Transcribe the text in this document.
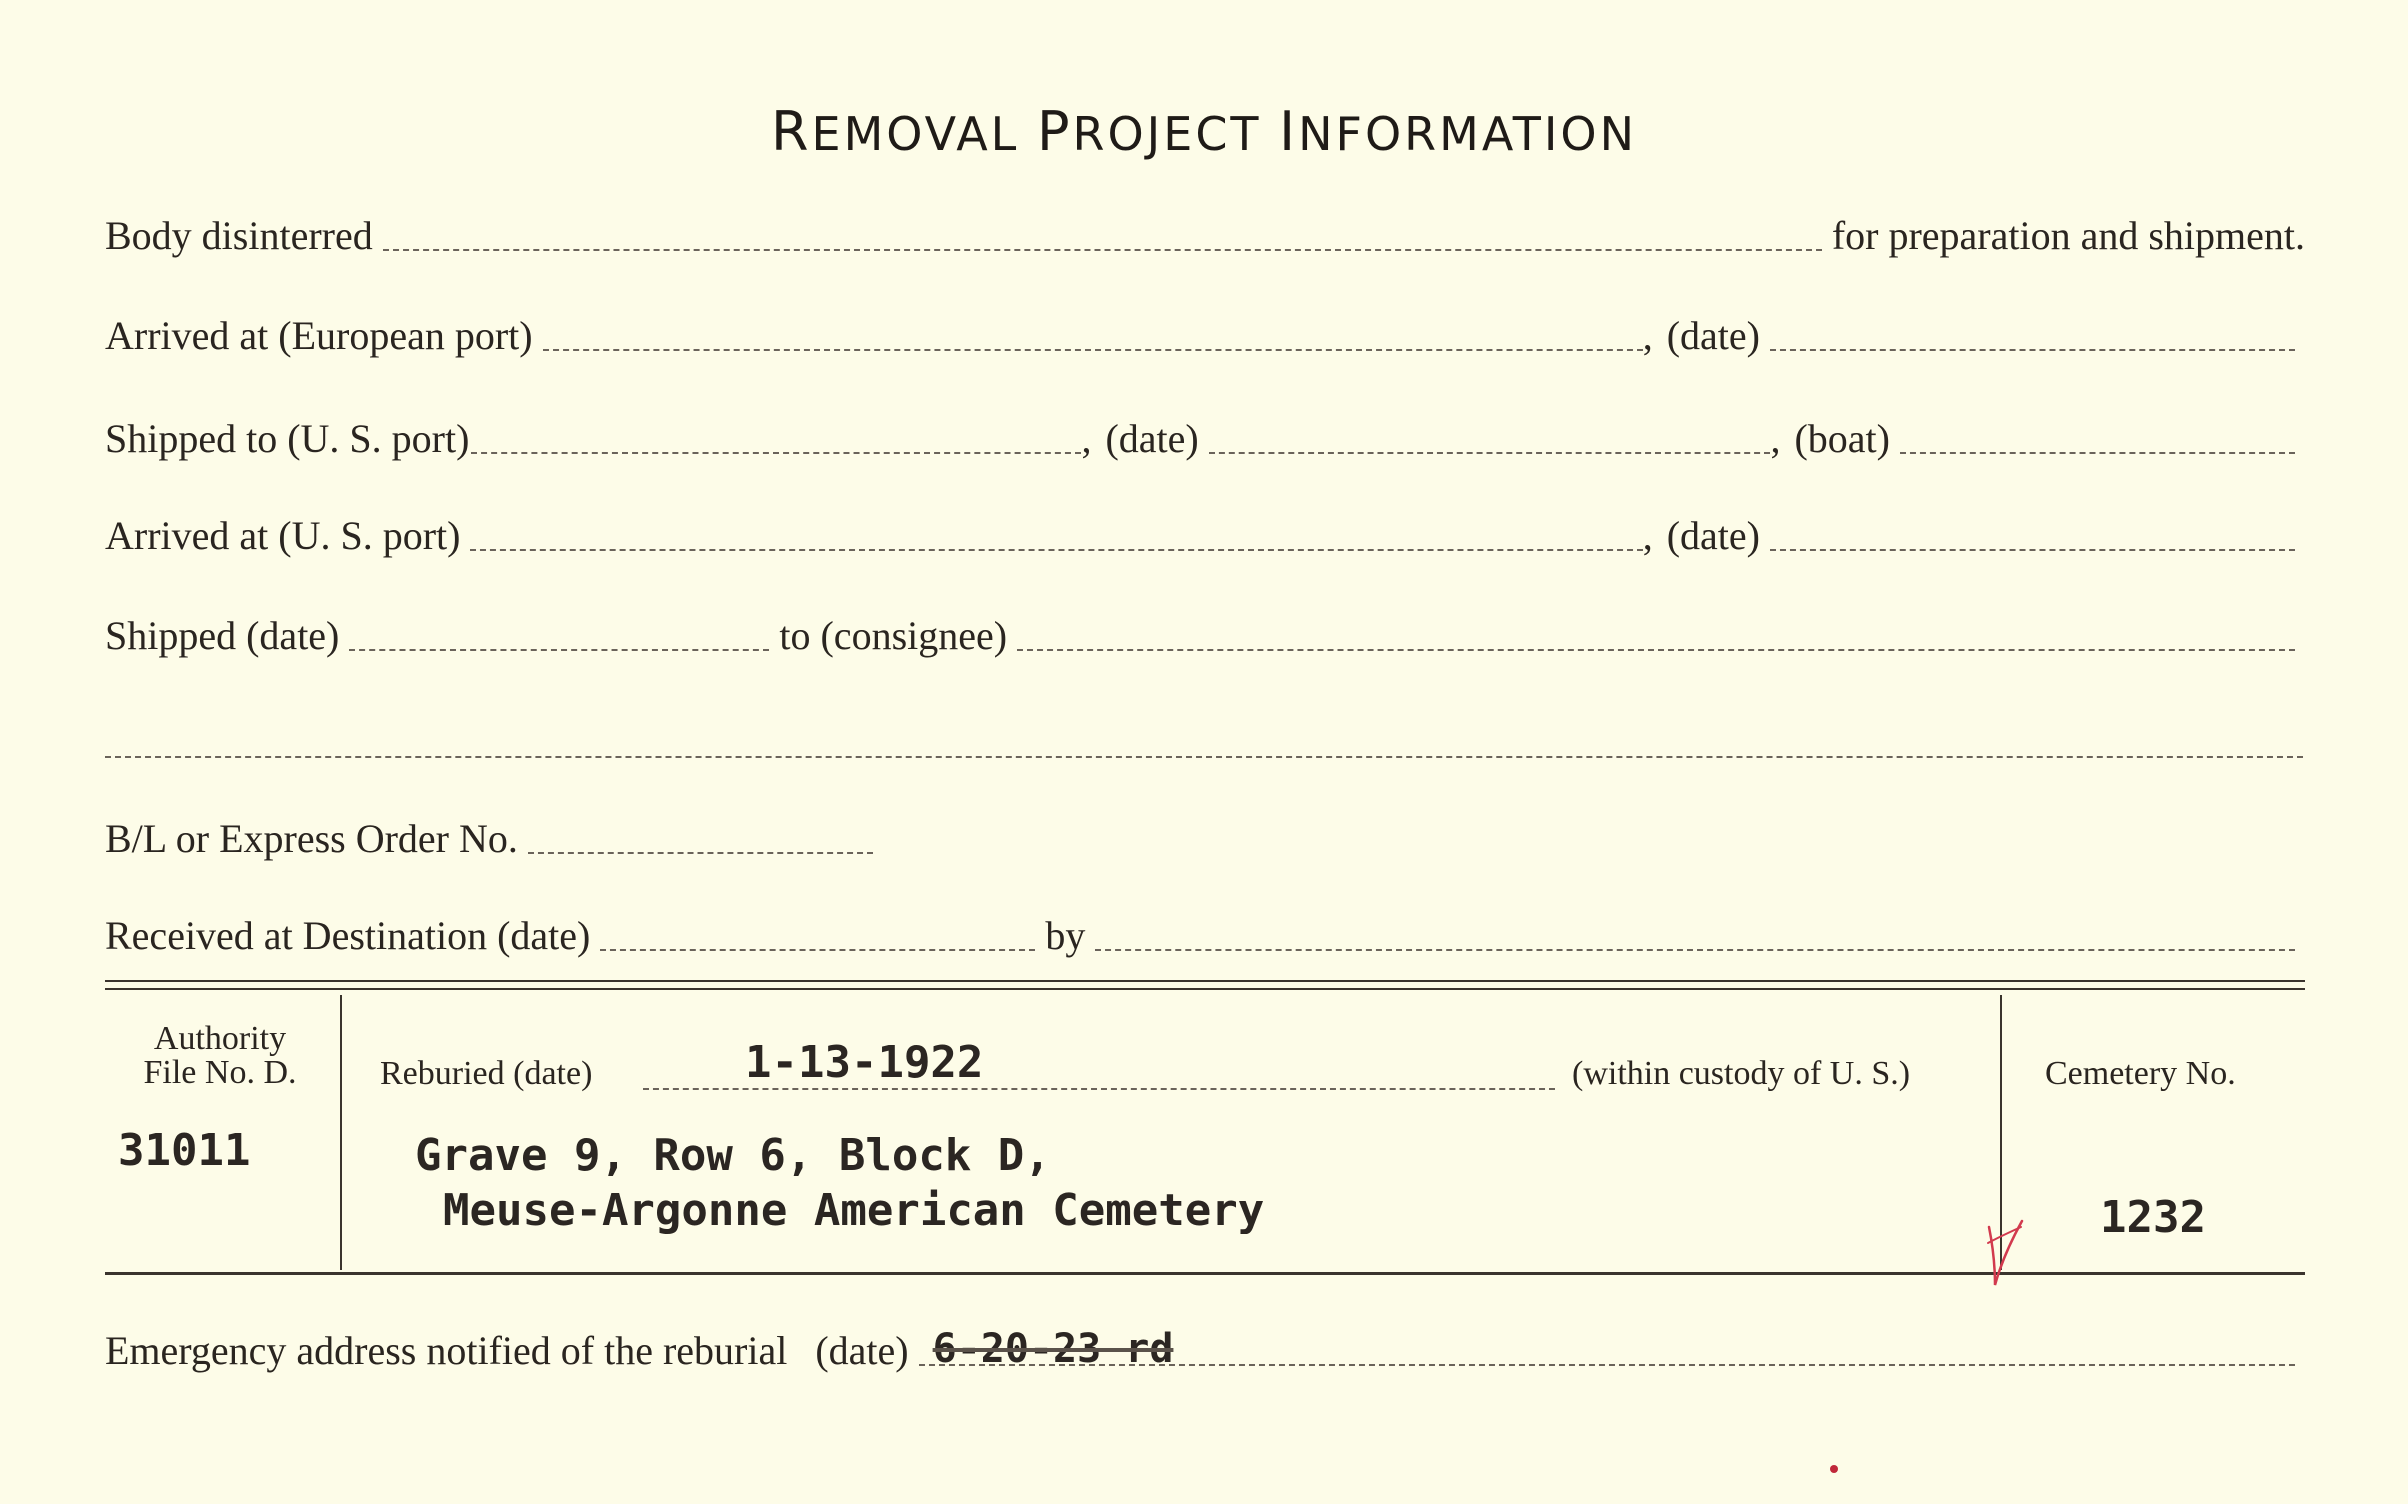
REMOVAL PROJECT INFORMATION
Body disinterred	for preparation and shipment.
Arrived at (European port)	, (date)
Shipped to (U. S. port)	, (date)	, (boat)
Arrived at (U. S. port)	, (date)
Shipped (date)	to (consignee)
B/L or Express Order No.
Received at Destination (date)	by
Authority
File No. D.
31011
Reburied (date)	1-13-1922	(within custody of U. S.)
Grave 9, Row 6, Block D,
Meuse-Argonne American Cemetery
Cemetery No.
1232
Emergency address notified of the reburial (date) 6-20-23 rd
